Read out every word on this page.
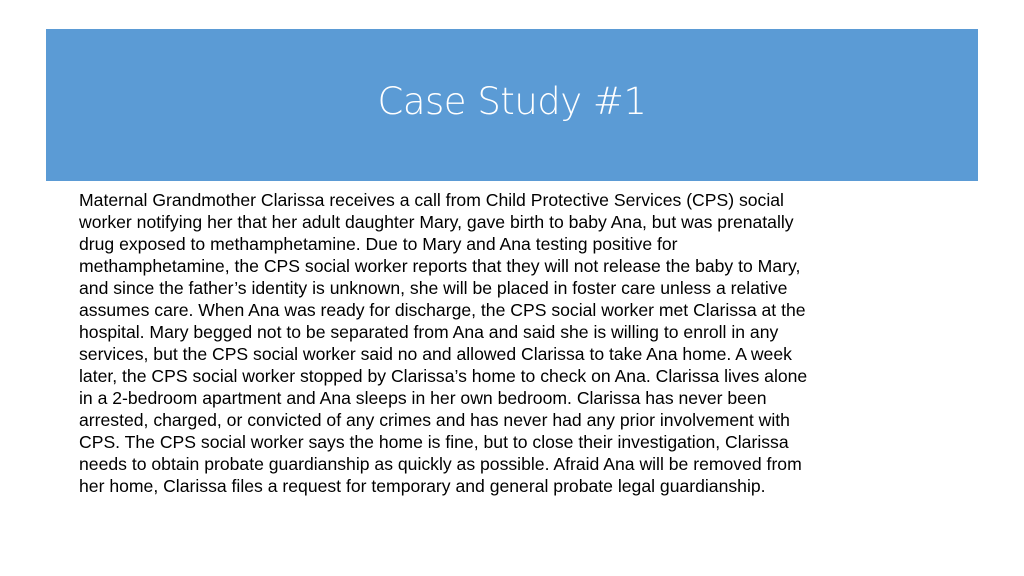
Case Study #1
Maternal Grandmother Clarissa receives a call from Child Protective Services (CPS) social
worker notifying her that her adult daughter Mary, gave birth to baby Ana, but was prenatally
drug exposed to methamphetamine. Due to Mary and Ana testing positive for
methamphetamine, the CPS social worker reports that they will not release the baby to Mary,
and since the father’s identity is unknown, she will be placed in foster care unless a relative
assumes care. When Ana was ready for discharge, the CPS social worker met Clarissa at the
hospital. Mary begged not to be separated from Ana and said she is willing to enroll in any
services, but the CPS social worker said no and allowed Clarissa to take Ana home. A week
later, the CPS social worker stopped by Clarissa’s home to check on Ana. Clarissa lives alone
in a 2-bedroom apartment and Ana sleeps in her own bedroom. Clarissa has never been
arrested, charged, or convicted of any crimes and has never had any prior involvement with
CPS. The CPS social worker says the home is fine, but to close their investigation, Clarissa
needs to obtain probate guardianship as quickly as possible. Afraid Ana will be removed from
her home, Clarissa files a request for temporary and general probate legal guardianship.
